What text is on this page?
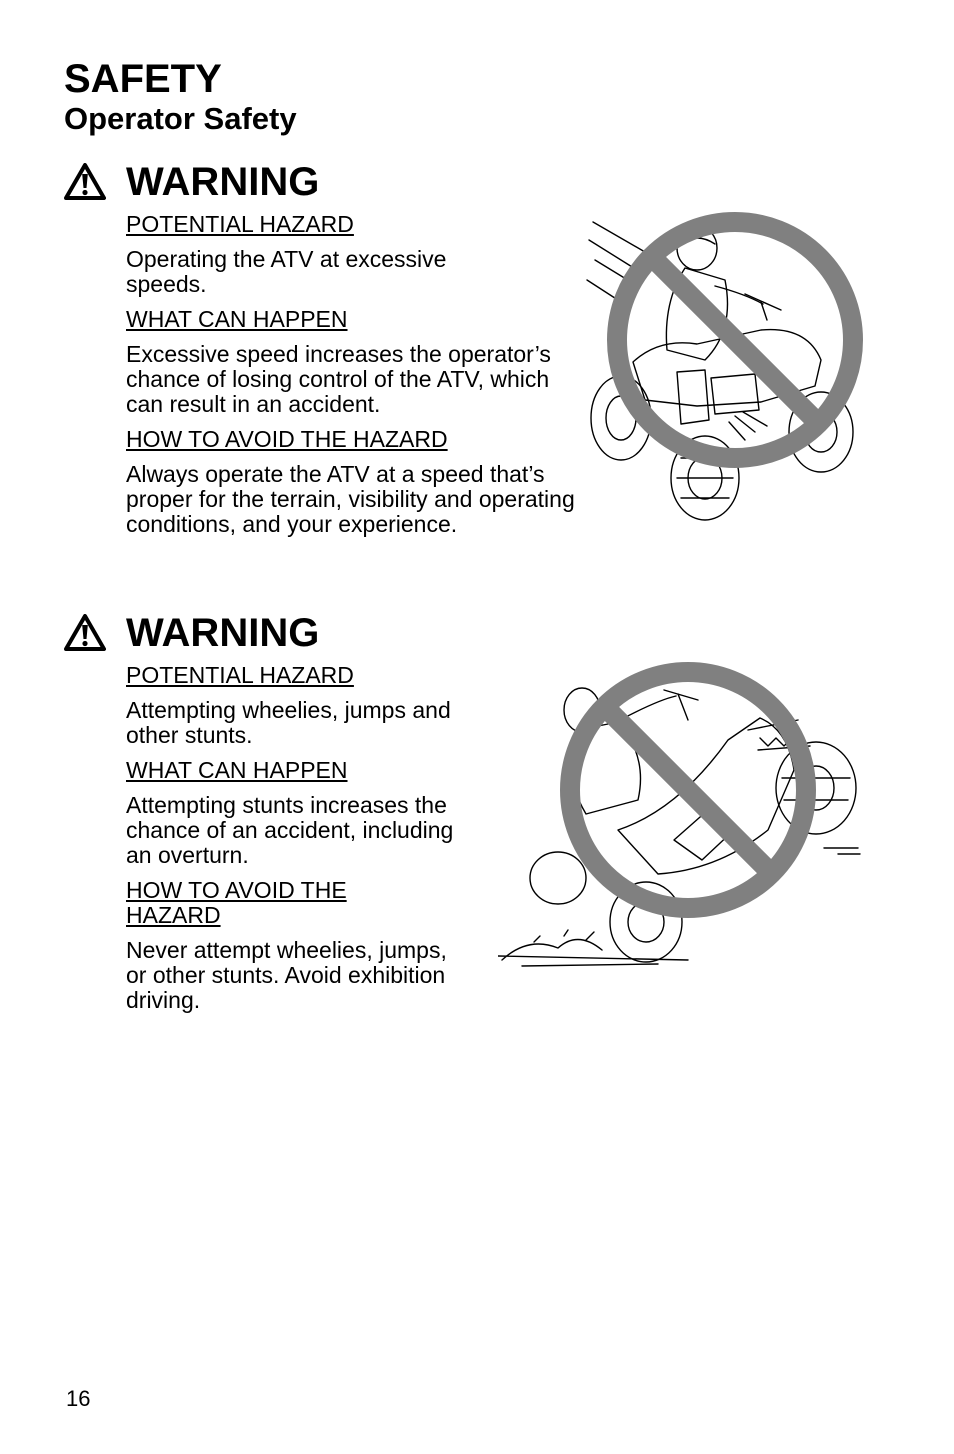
SAFETY
Operator Safety
WARNING

POTENTIAL HAZARD

Operating the ATV at excessive speeds.

WHAT CAN HAPPEN

Excessive speed increases the operator’s chance of losing control of the ATV, which can result in an accident.

HOW TO AVOID THE HAZARD

Always operate the ATV at a speed that’s proper for the terrain, visibility and operating conditions, and your experience.

WARNING

POTENTIAL HAZARD

Attempting wheelies, jumps and other stunts.

WHAT CAN HAPPEN

Attempting stunts increases the chance of an accident, including an overturn.

HOW TO AVOID THE HAZARD

Never attempt wheelies, jumps, or other stunts. Avoid exhibition driving.

16
